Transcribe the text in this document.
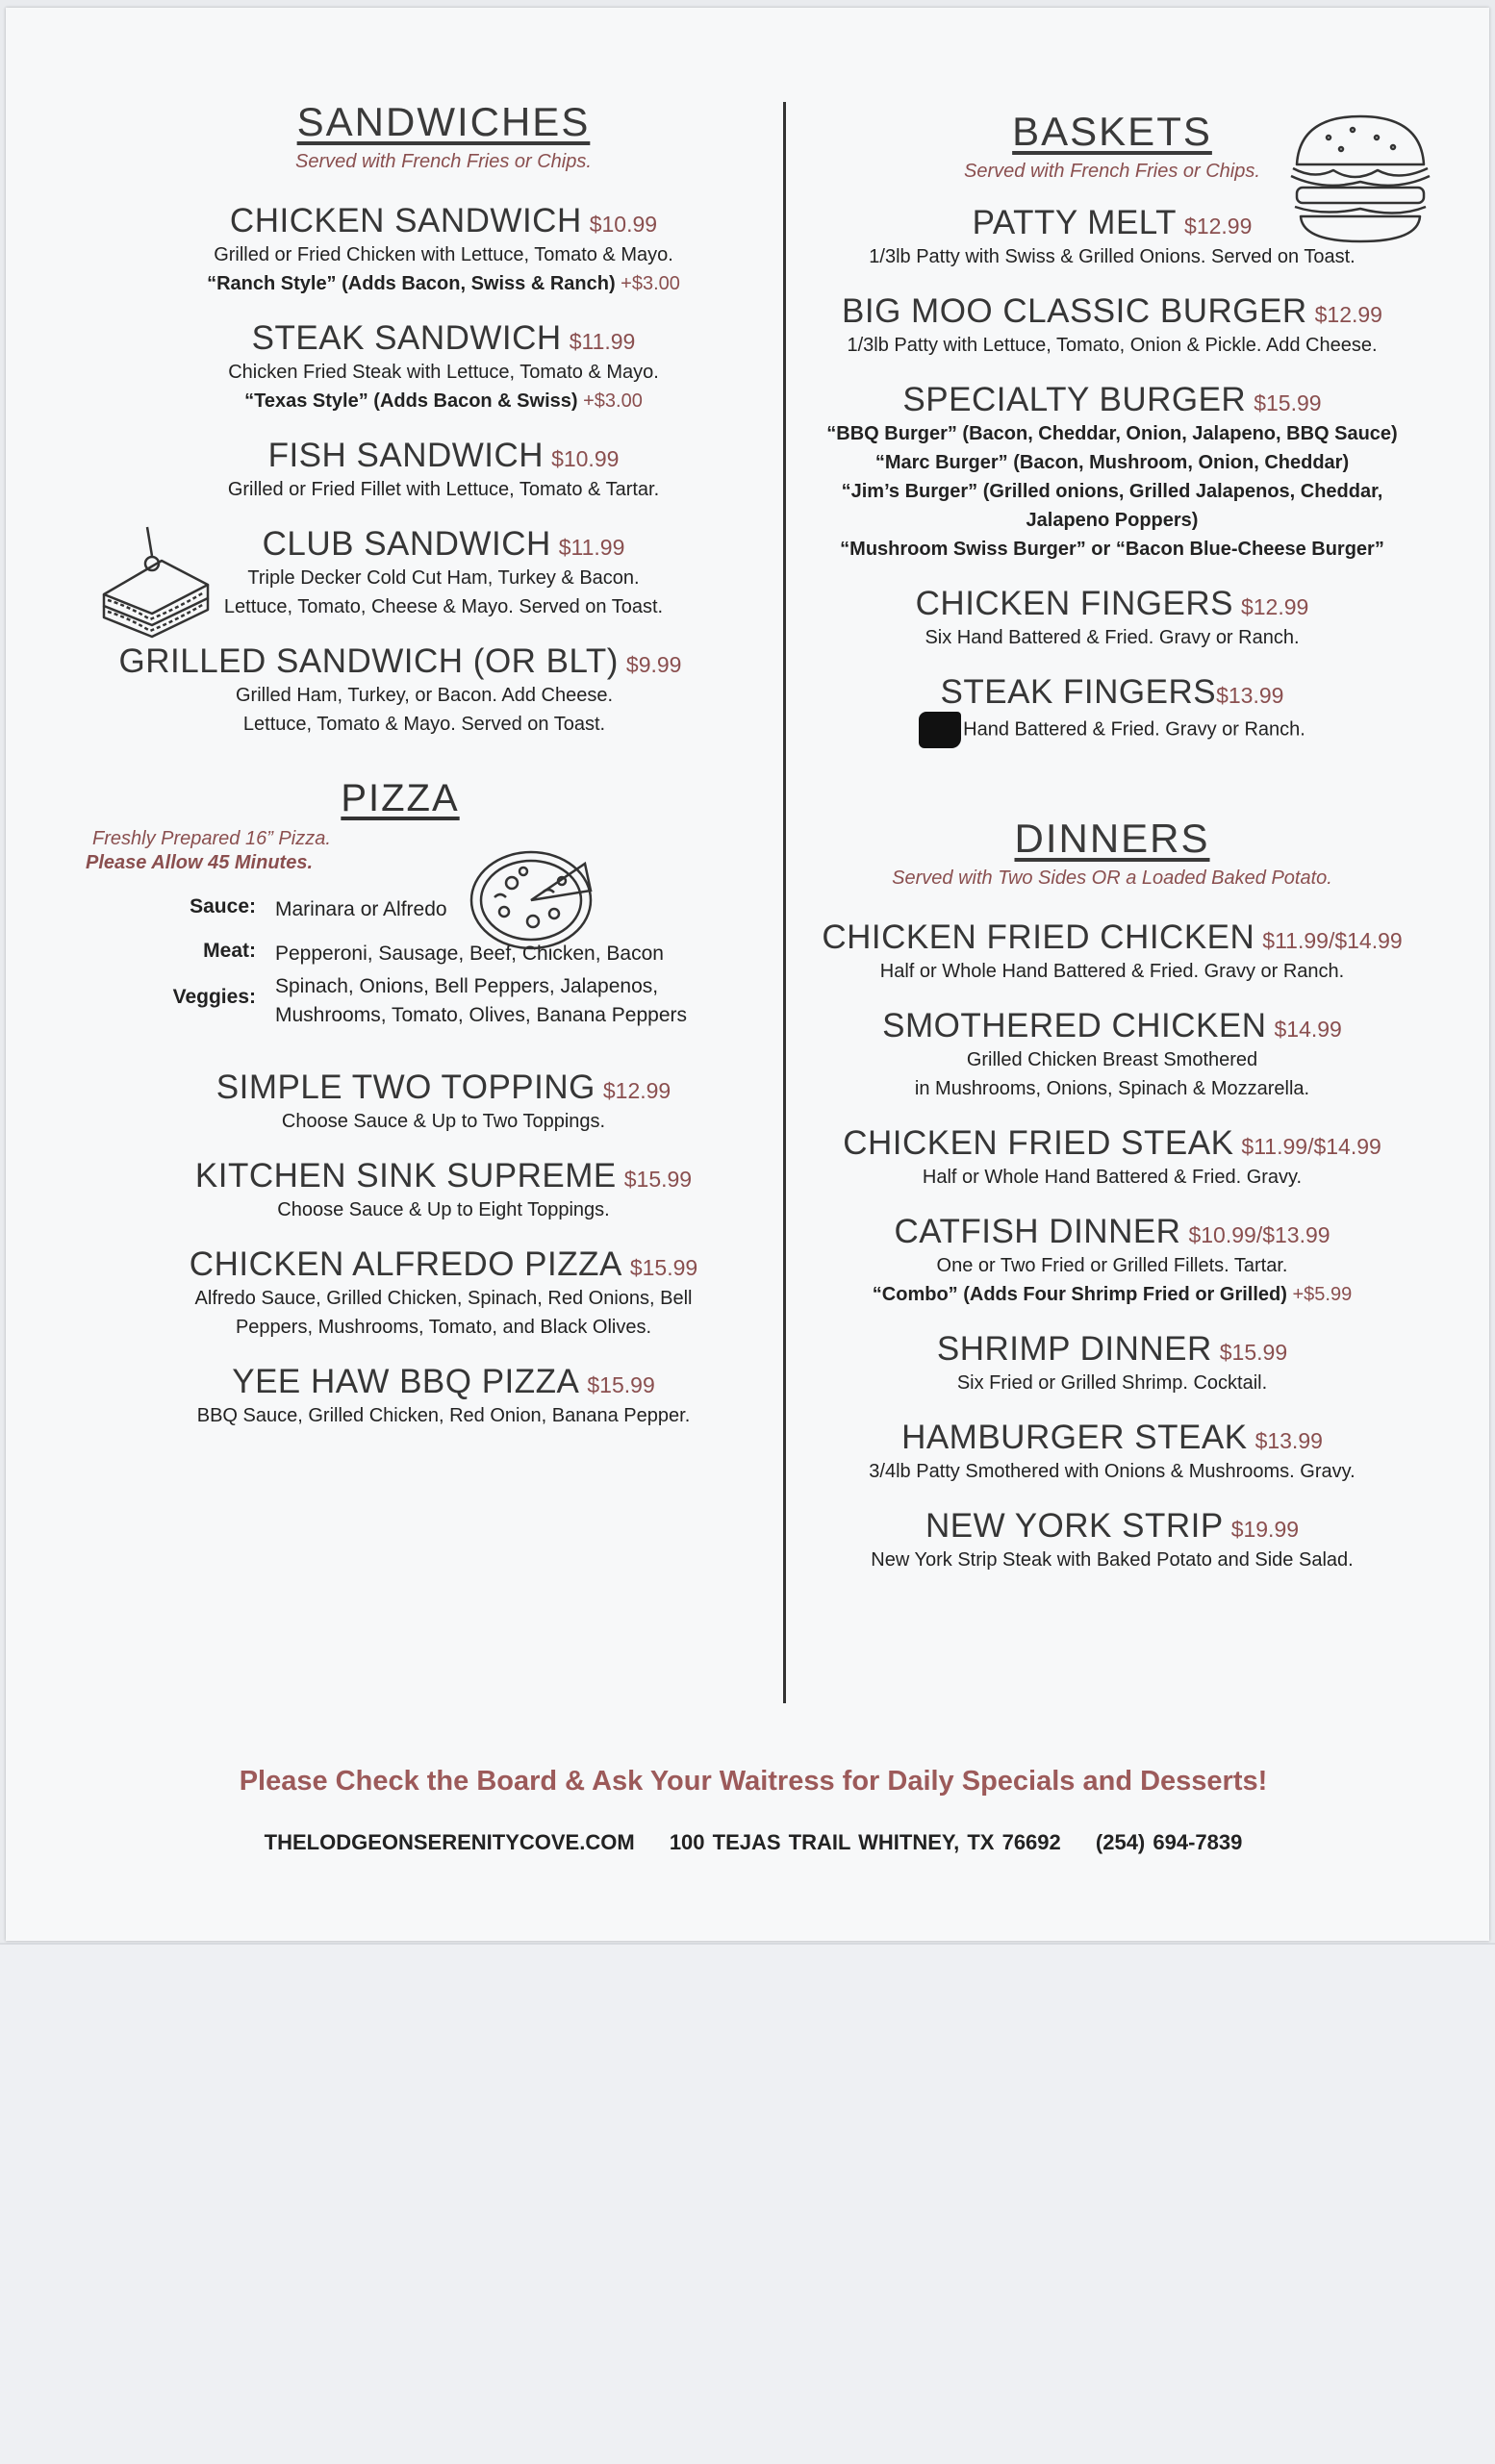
SANDWICHES
Served with French Fries or Chips.
CHICKEN SANDWICH $10.99
Grilled or Fried Chicken with Lettuce, Tomato & Mayo.
“Ranch Style” (Adds Bacon, Swiss & Ranch) +$3.00
STEAK SANDWICH $11.99
Chicken Fried Steak with Lettuce, Tomato & Mayo.
“Texas Style” (Adds Bacon & Swiss) +$3.00
FISH SANDWICH $10.99
Grilled or Fried Fillet with Lettuce, Tomato & Tartar.
CLUB SANDWICH $11.99
Triple Decker Cold Cut Ham, Turkey & Bacon.
Lettuce, Tomato, Cheese & Mayo. Served on Toast.
GRILLED SANDWICH (OR BLT) $9.99
Grilled Ham, Turkey, or Bacon. Add Cheese.
Lettuce, Tomato & Mayo. Served on Toast.
PIZZA
Freshly Prepared 16” Pizza.
Please Allow 45 Minutes.
Sauce: Marinara or Alfredo
Meat: Pepperoni, Sausage, Beef, Chicken, Bacon
Veggies: Spinach, Onions, Bell Peppers, Jalapenos,
Mushrooms, Tomato, Olives, Banana Peppers
SIMPLE TWO TOPPING $12.99
Choose Sauce & Up to Two Toppings.
KITCHEN SINK SUPREME $15.99
Choose Sauce & Up to Eight Toppings.
CHICKEN ALFREDO PIZZA $15.99
Alfredo Sauce, Grilled Chicken, Spinach, Red Onions, Bell
Peppers, Mushrooms, Tomato, and Black Olives.
YEE HAW BBQ PIZZA $15.99
BBQ Sauce, Grilled Chicken, Red Onion, Banana Pepper.
BASKETS
Served with French Fries or Chips.
PATTY MELT $12.99
1/3lb Patty with Swiss & Grilled Onions. Served on Toast.
BIG MOO CLASSIC BURGER $12.99
1/3lb Patty with Lettuce, Tomato, Onion & Pickle. Add Cheese.
SPECIALTY BURGER $15.99
“BBQ Burger” (Bacon, Cheddar, Onion, Jalapeno, BBQ Sauce)
“Marc Burger” (Bacon, Mushroom, Onion, Cheddar)
“Jim’s Burger” (Grilled onions, Grilled Jalapenos, Cheddar,
Jalapeno Poppers)
“Mushroom Swiss Burger” or “Bacon Blue-Cheese Burger”
CHICKEN FINGERS $12.99
Six Hand Battered & Fried. Gravy or Ranch.
STEAK FINGERS$13.99
Hand Battered & Fried. Gravy or Ranch.
DINNERS
Served with Two Sides OR a Loaded Baked Potato.
CHICKEN FRIED CHICKEN $11.99/$14.99
Half or Whole Hand Battered & Fried. Gravy or Ranch.
SMOTHERED CHICKEN $14.99
Grilled Chicken Breast Smothered
in Mushrooms, Onions, Spinach & Mozzarella.
CHICKEN FRIED STEAK $11.99/$14.99
Half or Whole Hand Battered & Fried. Gravy.
CATFISH DINNER $10.99/$13.99
One or Two Fried or Grilled Fillets. Tartar.
“Combo” (Adds Four Shrimp Fried or Grilled) +$5.99
SHRIMP DINNER $15.99
Six Fried or Grilled Shrimp. Cocktail.
HAMBURGER STEAK $13.99
3/4lb Patty Smothered with Onions & Mushrooms. Gravy.
NEW YORK STRIP $19.99
New York Strip Steak with Baked Potato and Side Salad.
Please Check the Board & Ask Your Waitress for Daily Specials and Desserts!
THELODGEONSERENITYCOVE.COM 100 TEJAS TRAIL WHITNEY, TX 76692 (254) 694-7839
